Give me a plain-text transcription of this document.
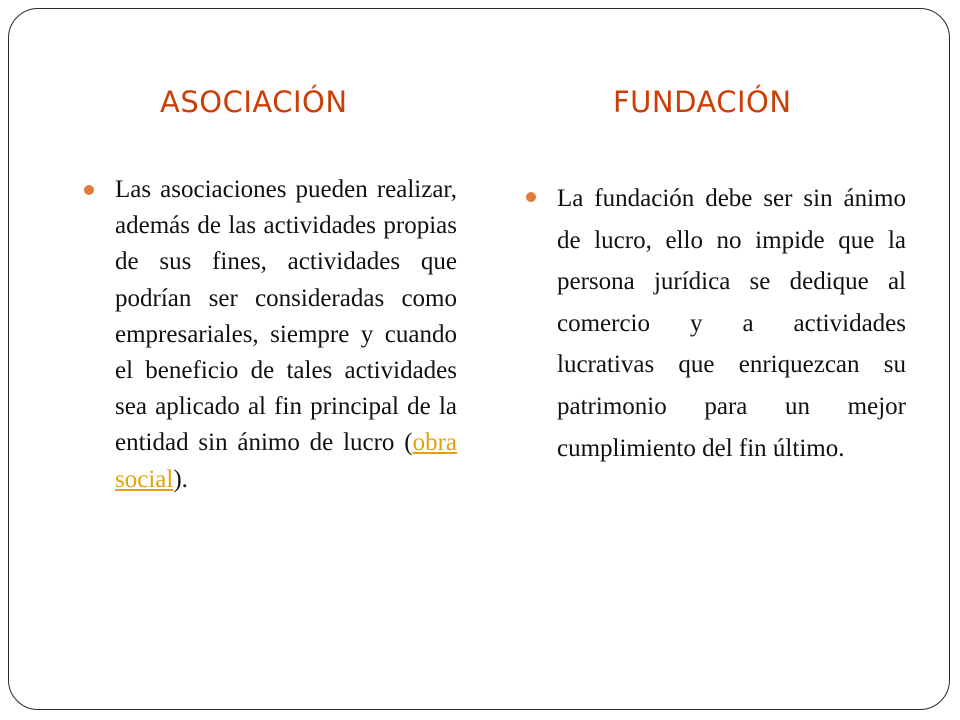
ASOCIACIÓN	FUNDACIÓN
Las asociaciones pueden realizar, además de las actividades propias de sus fines, actividades que podrían ser consideradas como empresariales, siempre y cuando el beneficio de tales actividades sea aplicado al fin principal de la entidad sin ánimo de lucro (obra social).
La fundación debe ser sin ánimo de lucro, ello no impide que la persona jurídica se dedique al comercio y a actividades lucrativas que enriquezcan su patrimonio para un mejor cumplimiento del fin último.
